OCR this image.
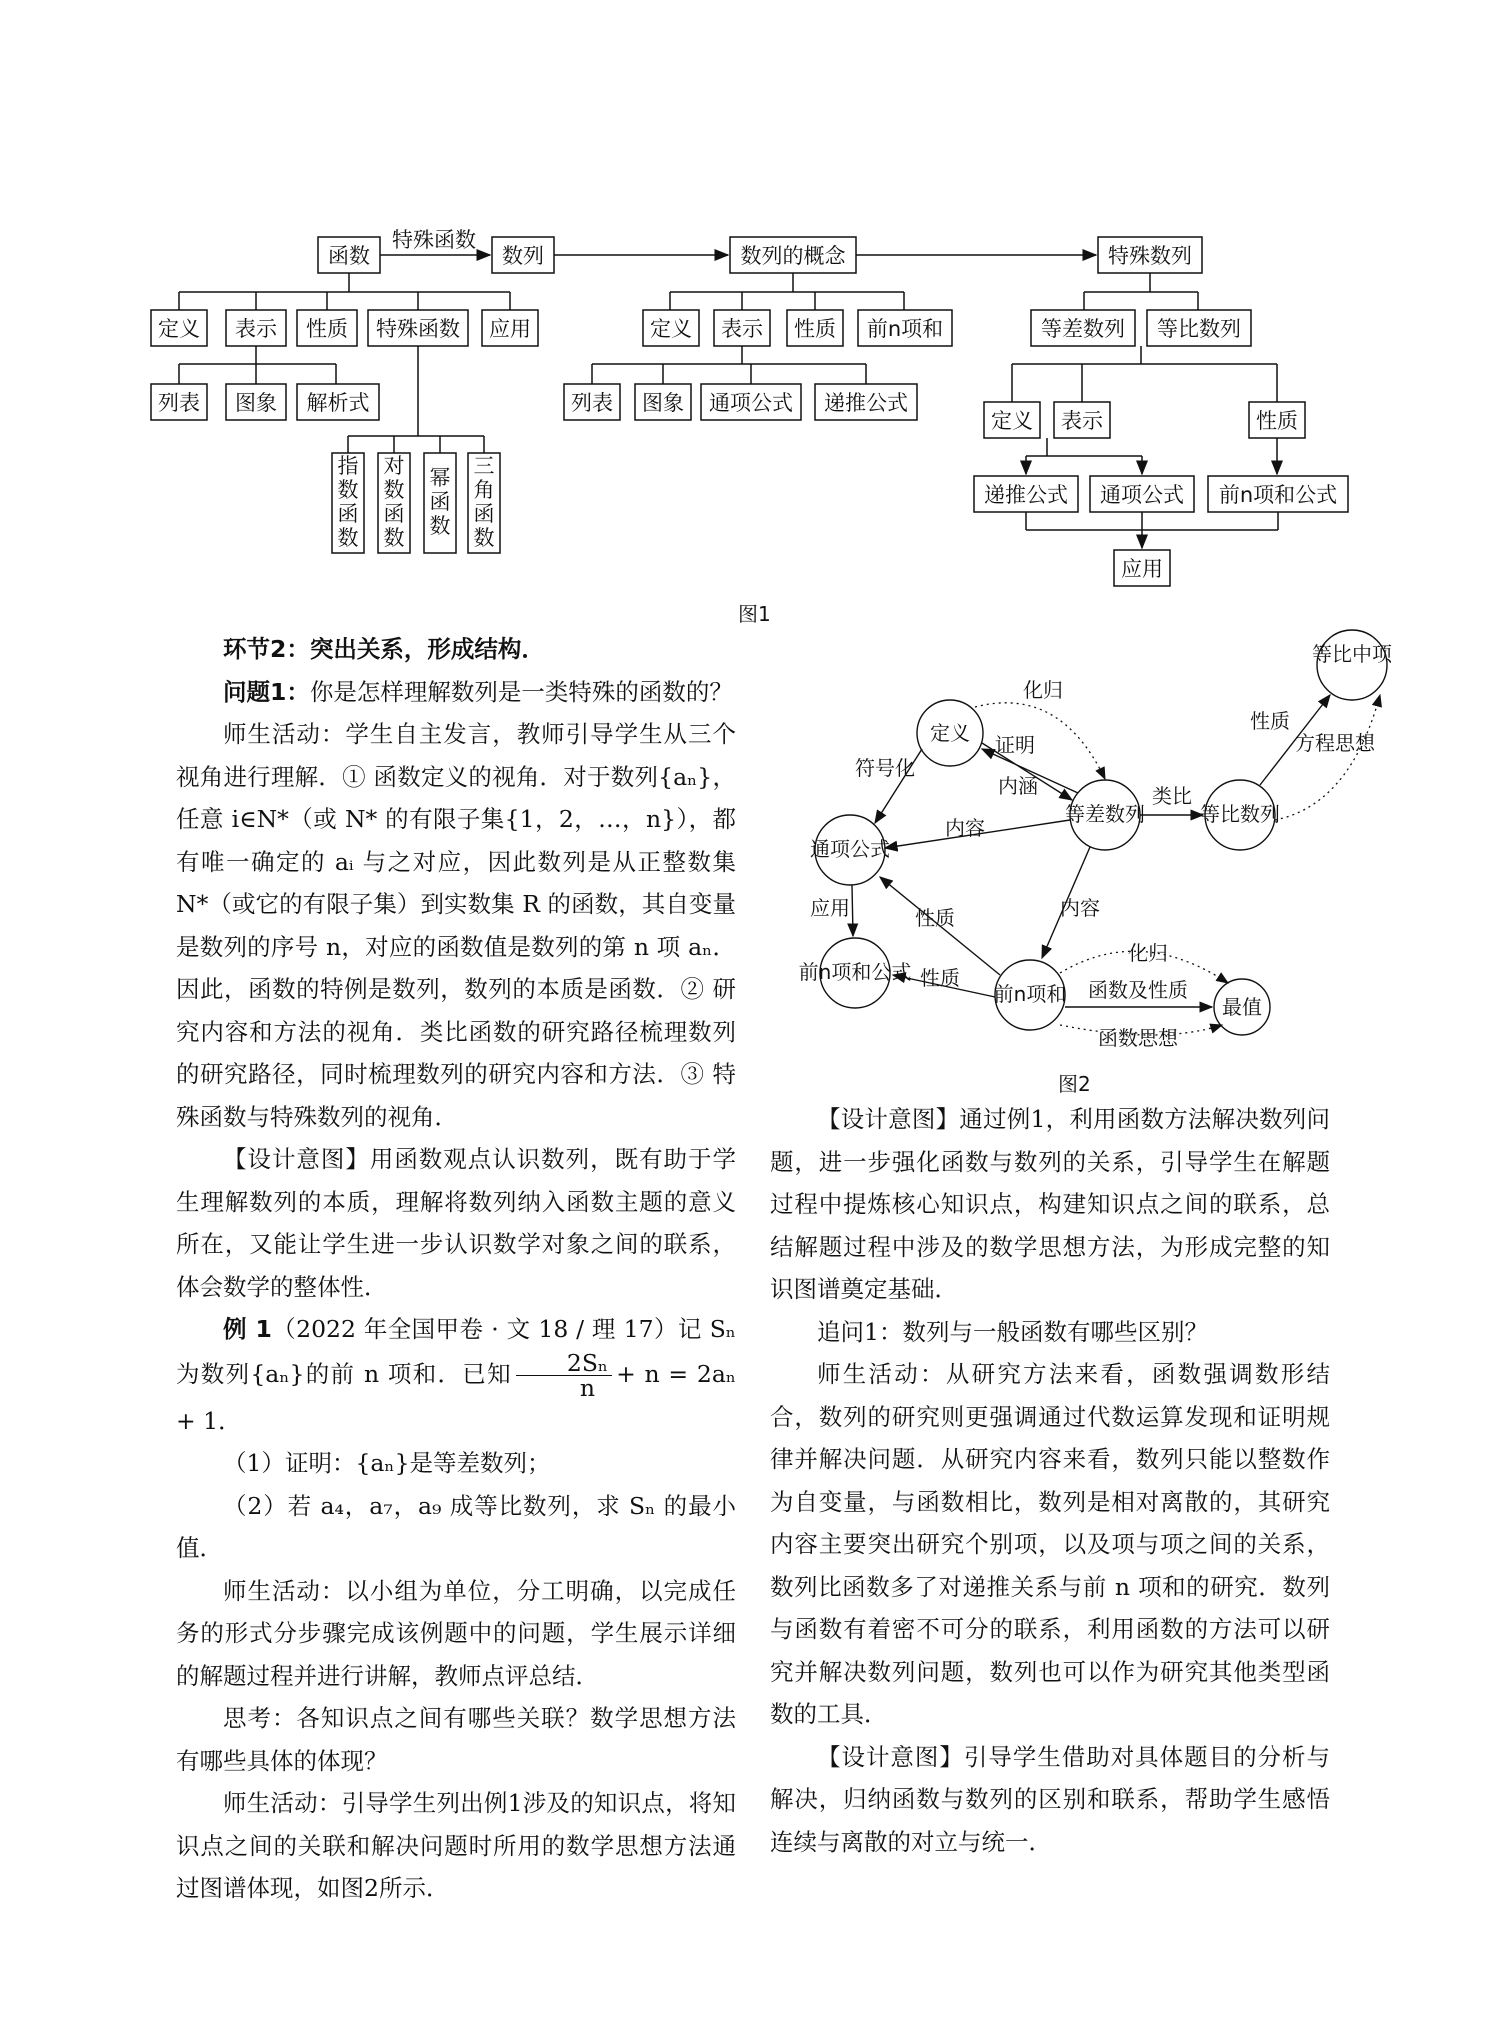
特殊函数
函数	数列	数列的概念	特殊数列
定义 表示 性质 特殊函数 应用
列表 图象 解析式
定义 表示 性质 前n项和
列表 图象 通项公式 递推公式
等差数列 等比数列
定义 表示	性质
递推公式 通项公式 前n项和公式
应用
指数函数
对数函数
幂函数
三角函数
图1

环节2：突出关系，形成结构．

问题1：你是怎样理解数列是一类特殊的函数的？

师生活动：学生自主发言，教师引导学生从三个视角进行理解．① 函数定义的视角．对于数列{aₙ}，任意 i∈N*（或 N* 的有限子集{1，2，…，n}），都有唯一确定的 aᵢ 与之对应，因此数列是从正整数集 N*（或它的有限子集）到实数集 R 的函数，其自变量是数列的序号 n，对应的函数值是数列的第 n 项 aₙ．因此，函数的特例是数列，数列的本质是函数．② 研究内容和方法的视角．类比函数的研究路径梳理数列的研究路径，同时梳理数列的研究内容和方法．③ 特殊函数与特殊数列的视角．

【设计意图】用函数观点认识数列，既有助于学生理解数列的本质，理解将数列纳入函数主题的意义所在，又能让学生进一步认识数学对象之间的联系，体会数学的整体性．

例 1（2022 年全国甲卷 · 文 18 / 理 17）记 Sₙ 为数列{aₙ}的前 n 项和．已知 $\frac{\text{2Sₙ}}{n} + n = 2a_n + 1$．

（1）证明：{aₙ}是等差数列；

（2）若 a₄，a₇，a₉ 成等比数列，求 Sₙ 的最小值．

师生活动：以小组为单位，分工明确，以完成任务的形式分步骤完成该例题中的问题，学生展示详细的解题过程并进行讲解，教师点评总结．

思考：各知识点之间有哪些关联？数学思想方法有哪些具体的体现？

师生活动：引导学生列出例1涉及的知识点，将知识点之间的关联和解决问题时所用的数学思想方法通过图谱体现，如图2所示．

等比中项
定义
等差数列	等比数列
通项公式
前n项和公式
前n项和
最值
化归
证明
符号化
内涵
内容
类比
性质
方程思想
内容
应用	性质
性质
化归
函数及性质
函数思想
图2

【设计意图】通过例1，利用函数方法解决数列问题，进一步强化函数与数列的关系，引导学生在解题过程中提炼核心知识点，构建知识点之间的联系，总结解题过程中涉及的数学思想方法，为形成完整的知识图谱奠定基础．

追问1：数列与一般函数有哪些区别？

师生活动：从研究方法来看，函数强调数形结合，数列的研究则更强调通过代数运算发现和证明规律并解决问题．从研究内容来看，数列只能以整数作为自变量，与函数相比，数列是相对离散的，其研究内容主要突出研究个别项，以及项与项之间的关系，数列比函数多了对递推关系与前 n 项和的研究．数列与函数有着密不可分的联系，利用函数的方法可以研究并解决数列问题，数列也可以作为研究其他类型函数的工具．

【设计意图】引导学生借助对具体题目的分析与解决，归纳函数与数列的区别和联系，帮助学生感悟连续与离散的对立与统一．
